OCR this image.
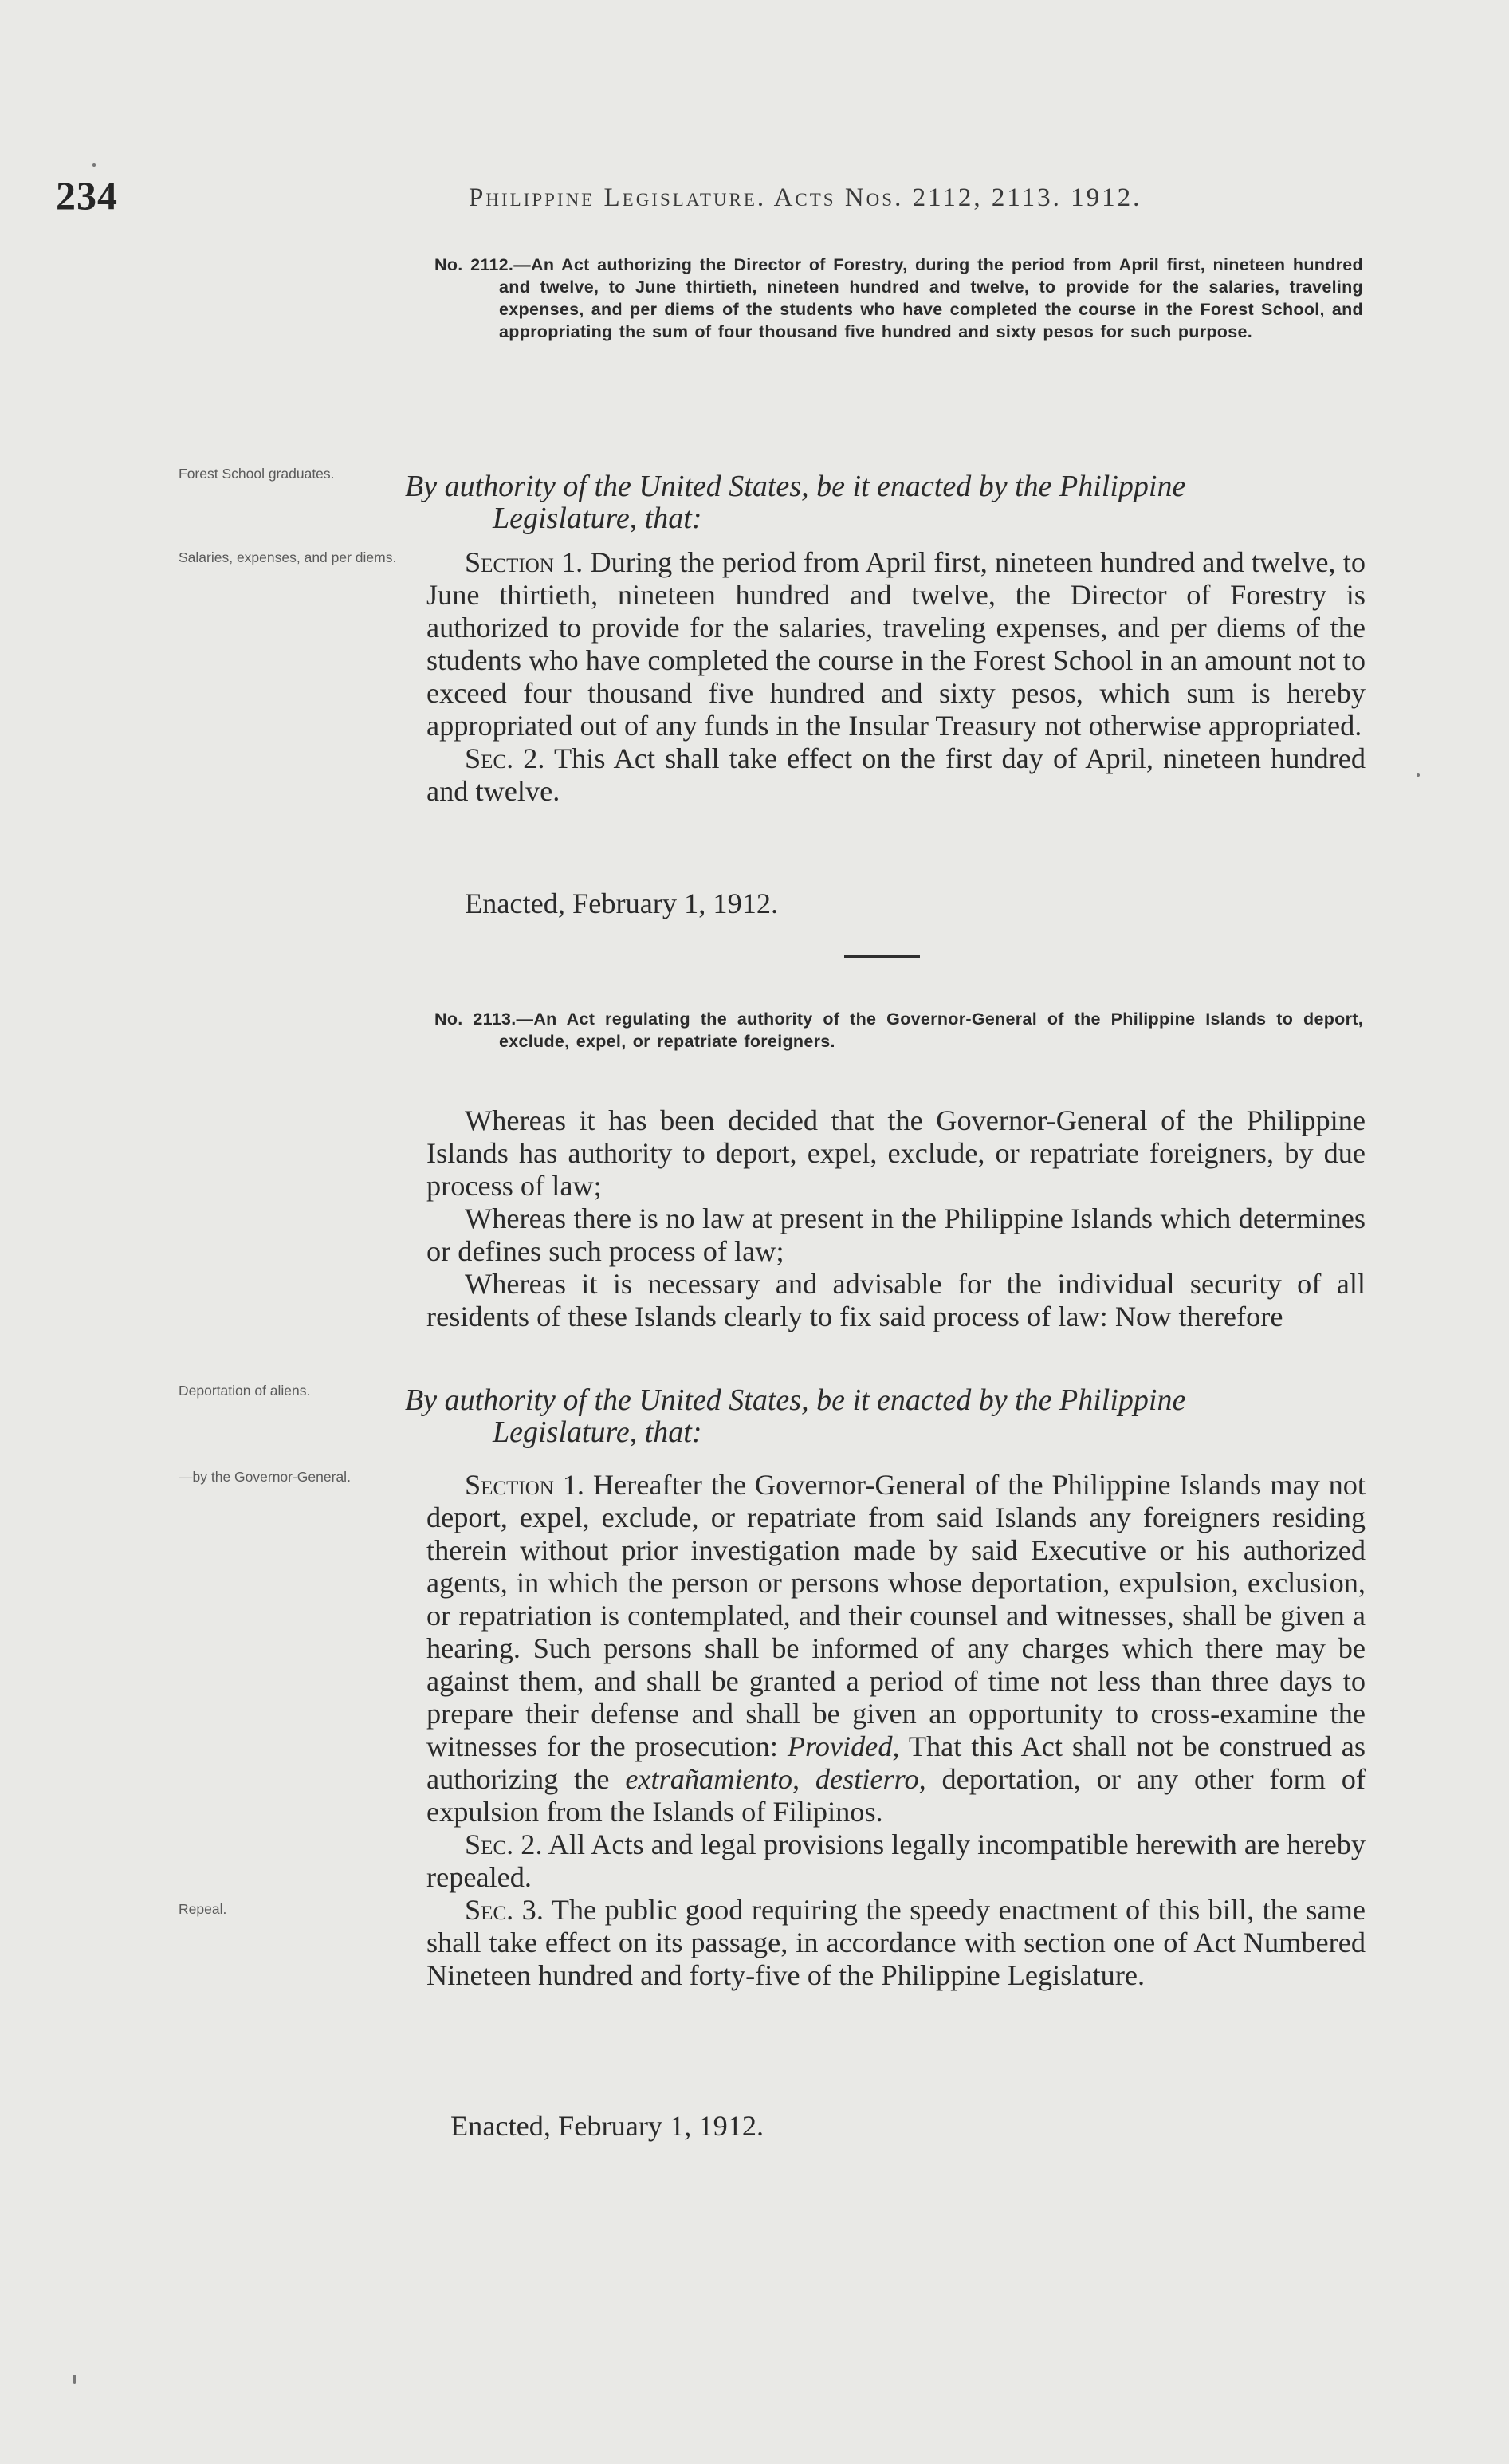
234	Philippine Legislature. Acts Nos. 2112, 2113. 1912.
No. 2112.—An Act authorizing the Director of Forestry, during the period from April first, nineteen hundred and twelve, to June thirtieth, nineteen hundred and twelve, to provide for the salaries, traveling expenses, and per diems of the students who have completed the course in the Forest School, and appropriating the sum of four thousand five hundred and sixty pesos for such purpose.
Forest School graduates.	By authority of the United States, be it enacted by the Philippine
Legislature, that:
Salaries, expenses, and per diems.	Section 1. During the period from April first, nineteen hundred and twelve, to June thirtieth, nineteen hundred and twelve, the Director of Forestry is authorized to provide for the salaries, traveling expenses, and per diems of the students who have completed the course in the Forest School in an amount not to exceed four thousand five hundred and sixty pesos, which sum is hereby appropriated out of any funds in the Insular Treasury not otherwise appropriated.

Sec. 2. This Act shall take effect on the first day of April, nineteen hundred and twelve.

Enacted, February 1, 1912.
No. 2113.—An Act regulating the authority of the Governor-General of the Philippine Islands to deport, exclude, expel, or repatriate foreigners.

Whereas it has been decided that the Governor-General of the Philippine Islands has authority to deport, expel, exclude, or repatriate foreigners, by due process of law;

Whereas there is no law at present in the Philippine Islands which determines or defines such process of law;

Whereas it is necessary and advisable for the individual security of all residents of these Islands clearly to fix said process of law: Now therefore

Deportation of aliens.	By authority of the United States, be it enacted by the Philippine
Legislature, that:
—by the Governor-General.	Section 1. Hereafter the Governor-General of the Philippine Islands may not deport, expel, exclude, or repatriate from said Islands any foreigners residing therein without prior investigation made by said Executive or his authorized agents, in which the person or persons whose deportation, expulsion, exclusion, or repatriation is contemplated, and their counsel and witnesses, shall be given a hearing. Such persons shall be informed of any charges which there may be against them, and shall be granted a period of time not less than three days to prepare their defense and shall be given an opportunity to cross-examine the witnesses for the prosecution: Provided, That this Act shall not be construed as authorizing the extrañamiento, destierro, deportation, or any other form of expulsion from the Islands of Filipinos.

Sec. 2. All Acts and legal provisions legally incompatible herewith are hereby repealed.

Sec. 3. The public good requiring the speedy enactment of this bill, the same shall take effect on its passage, in accordance with section one of Act Numbered Nineteen hundred and forty-five of the Philippine Legislature.

Repeal.
Enacted, February 1, 1912.
